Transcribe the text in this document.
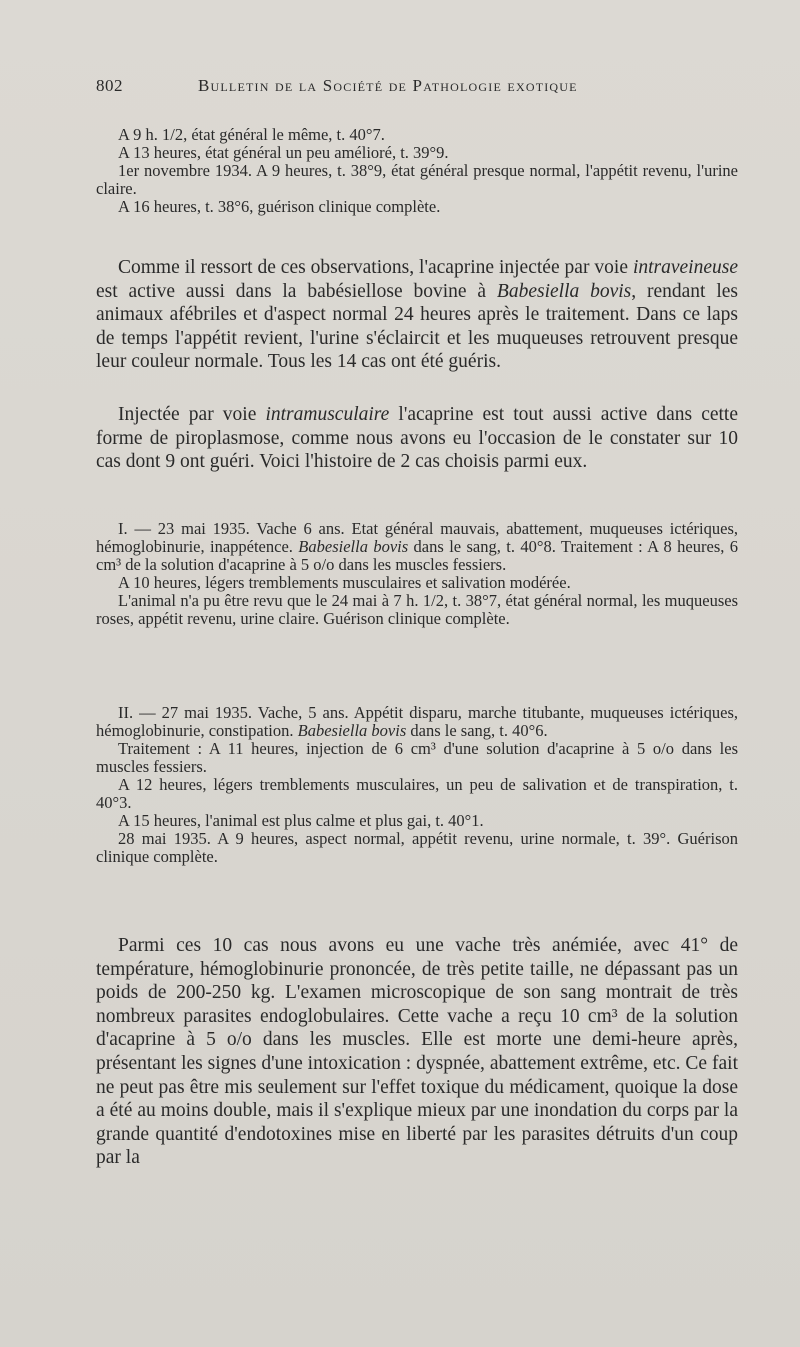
802	Bulletin de la Société de Pathologie exotique

A 9 h. 1/2, état général le même, t. 40°7.

A 13 heures, état général un peu amélioré, t. 39°9.

1er novembre 1934. A 9 heures, t. 38°9, état général presque normal, l'appétit revenu, l'urine claire.

A 16 heures, t. 38°6, guérison clinique complète.

Comme il ressort de ces observations, l'acaprine injectée par voie intraveineuse est active aussi dans la babésiellose bovine à Babesiella bovis, rendant les animaux afébriles et d'aspect normal 24 heures après le traitement. Dans ce laps de temps l'appétit revient, l'urine s'éclaircit et les muqueuses retrouvent presque leur couleur normale. Tous les 14 cas ont été guéris.

Injectée par voie intramusculaire l'acaprine est tout aussi active dans cette forme de piroplasmose, comme nous avons eu l'occasion de le constater sur 10 cas dont 9 ont guéri. Voici l'histoire de 2 cas choisis parmi eux.

I. — 23 mai 1935. Vache 6 ans. Etat général mauvais, abattement, muqueuses ictériques, hémoglobinurie, inappétence. Babesiella bovis dans le sang, t. 40°8. Traitement : A 8 heures, 6 cm³ de la solution d'acaprine à 5 o/o dans les muscles fessiers.

A 10 heures, légers tremblements musculaires et salivation modérée.

L'animal n'a pu être revu que le 24 mai à 7 h. 1/2, t. 38°7, état général normal, les muqueuses roses, appétit revenu, urine claire. Guérison clinique complète.

II. — 27 mai 1935. Vache, 5 ans. Appétit disparu, marche titubante, muqueuses ictériques, hémoglobinurie, constipation. Babesiella bovis dans le sang, t. 40°6.

Traitement : A 11 heures, injection de 6 cm³ d'une solution d'acaprine à 5 o/o dans les muscles fessiers.

A 12 heures, légers tremblements musculaires, un peu de salivation et de transpiration, t. 40°3.

A 15 heures, l'animal est plus calme et plus gai, t. 40°1.

28 mai 1935. A 9 heures, aspect normal, appétit revenu, urine normale, t. 39°. Guérison clinique complète.

Parmi ces 10 cas nous avons eu une vache très anémiée, avec 41° de température, hémoglobinurie prononcée, de très petite taille, ne dépassant pas un poids de 200-250 kg. L'examen microscopique de son sang montrait de très nombreux parasites endoglobulaires. Cette vache a reçu 10 cm³ de la solution d'acaprine à 5 o/o dans les muscles. Elle est morte une demi-heure après, présentant les signes d'une intoxication : dyspnée, abattement extrême, etc. Ce fait ne peut pas être mis seulement sur l'effet toxique du médicament, quoique la dose a été au moins double, mais il s'explique mieux par une inondation du corps par la grande quantité d'endotoxines mise en liberté par les parasites détruits d'un coup par la
